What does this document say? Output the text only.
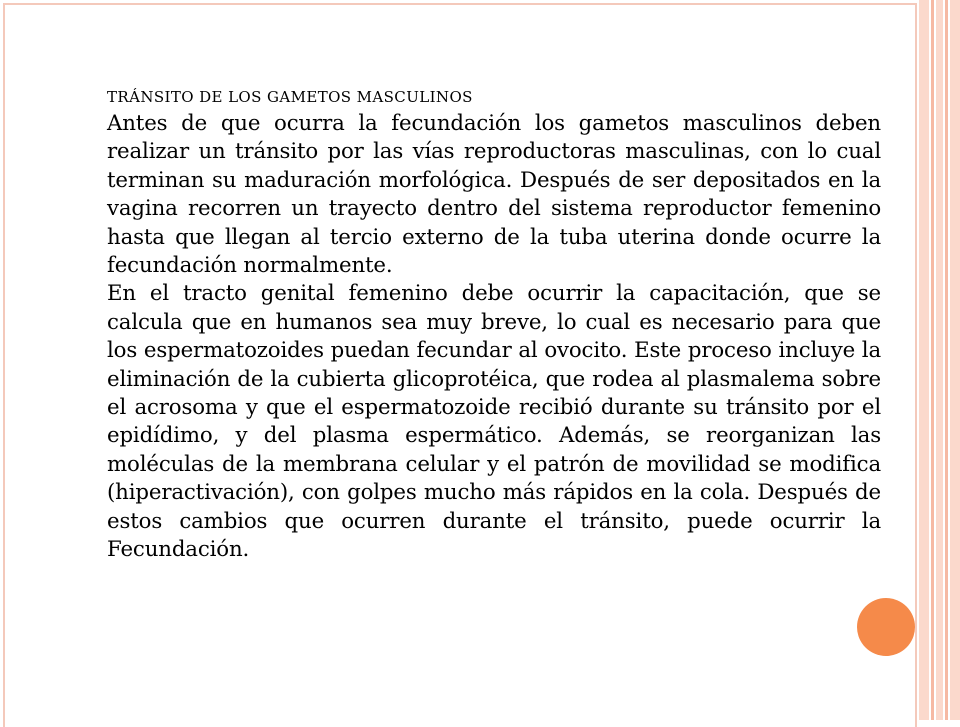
TRÁNSITO DE LOS GAMETOS MASCULINOS

Antes de que ocurra la fecundación los gametos masculinos deben realizar un tránsito por las vías reproductoras masculinas, con lo cual terminan su maduración morfológica. Después de ser depositados en la vagina recorren un trayecto dentro del sistema reproductor femenino hasta que llegan al tercio externo de la tuba uterina donde ocurre la fecundación normalmente.

En el tracto genital femenino debe ocurrir la capacitación, que se calcula que en humanos sea muy breve, lo cual es necesario para que los espermatozoides puedan fecundar al ovocito. Este proceso incluye la eliminación de la cubierta glicoprotéica, que rodea al plasmalema sobre el acrosoma y que el espermatozoide recibió durante su tránsito por el epidídimo, y del plasma espermático. Además, se reorganizan las moléculas de la membrana celular y el patrón de movilidad se modifica (hiperactivación), con golpes mucho más rápidos en la cola. Después de estos cambios que ocurren durante el tránsito, puede ocurrir la Fecundación.
